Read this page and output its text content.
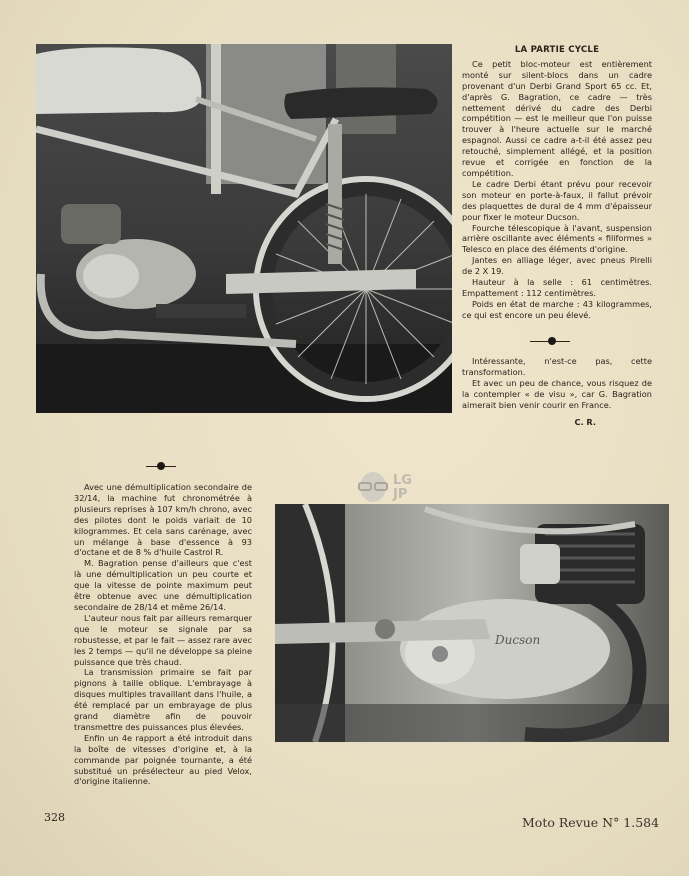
LA PARTIE CYCLE

Ce petit bloc-moteur est entièrement monté sur silent-blocs dans un cadre provenant d'un Derbi Grand Sport 65 cc. Et, d'après G. Bagration, ce cadre — très nettement dérivé du cadre des Derbi compétition — est le meilleur que l'on puisse trouver à l'heure actuelle sur le marché espagnol. Aussi ce cadre a-t-il été assez peu retouché, simplement allégé, et la position revue et corrigée en fonction de la compétition.

Le cadre Derbi étant prévu pour recevoir son moteur en porte-à-faux, il fallut prévoir des plaquettes de dural de 4 mm d'épaisseur pour fixer le moteur Ducson.

Fourche télescopique à l'avant, suspension arrière oscillante avec éléments « filiformes » Telesco en place des éléments d'origine.

Jantes en alliage léger, avec pneus Pirelli de 2 X 19.

Hauteur à la selle : 61 centimètres. Empattement : 112 centimètres.

Poids en état de marche : 43 kilogrammes, ce qui est encore un peu élevé.

Intéressante, n'est-ce pas, cette transformation.

Et avec un peu de chance, vous risquez de la contempler « de visu », car G. Bagration aimerait bien venir courir en France.

C. R.

Avec une démultiplication secondaire de 32/14, la machine fut chronométrée à plusieurs reprises à 107 km/h chrono, avec des pilotes dont le poids variait de 10 kilogrammes. Et cela sans carénage, avec un mélange à base d'essence à 93 d'octane et de 8 % d'huile Castrol R.

M. Bagration pense d'ailleurs que c'est là une démultiplication un peu courte et que la vitesse de pointe maximum peut être obtenue avec une démultiplication secondaire de 28/14 et même 26/14.

L'auteur nous fait par ailleurs remarquer que le moteur se signale par sa robustesse, et par le fait — assez rare avec les 2 temps — qu'il ne développe sa pleine puissance que très chaud.

La transmission primaire se fait par pignons à taille oblique. L'embrayage à disques multiples travaillant dans l'huile, a été remplacé par un embrayage de plus grand diamètre afin de pouvoir transmettre des puissances plus élevées.

Enfin un 4e rapport a été introduit dans la boîte de vitesses d'origine et, à la commande par poignée tournante, a été substitué un présélecteur au pied Velox, d'origine italienne.

LG
JP
Ducson
328	Moto Revue N° 1.584
